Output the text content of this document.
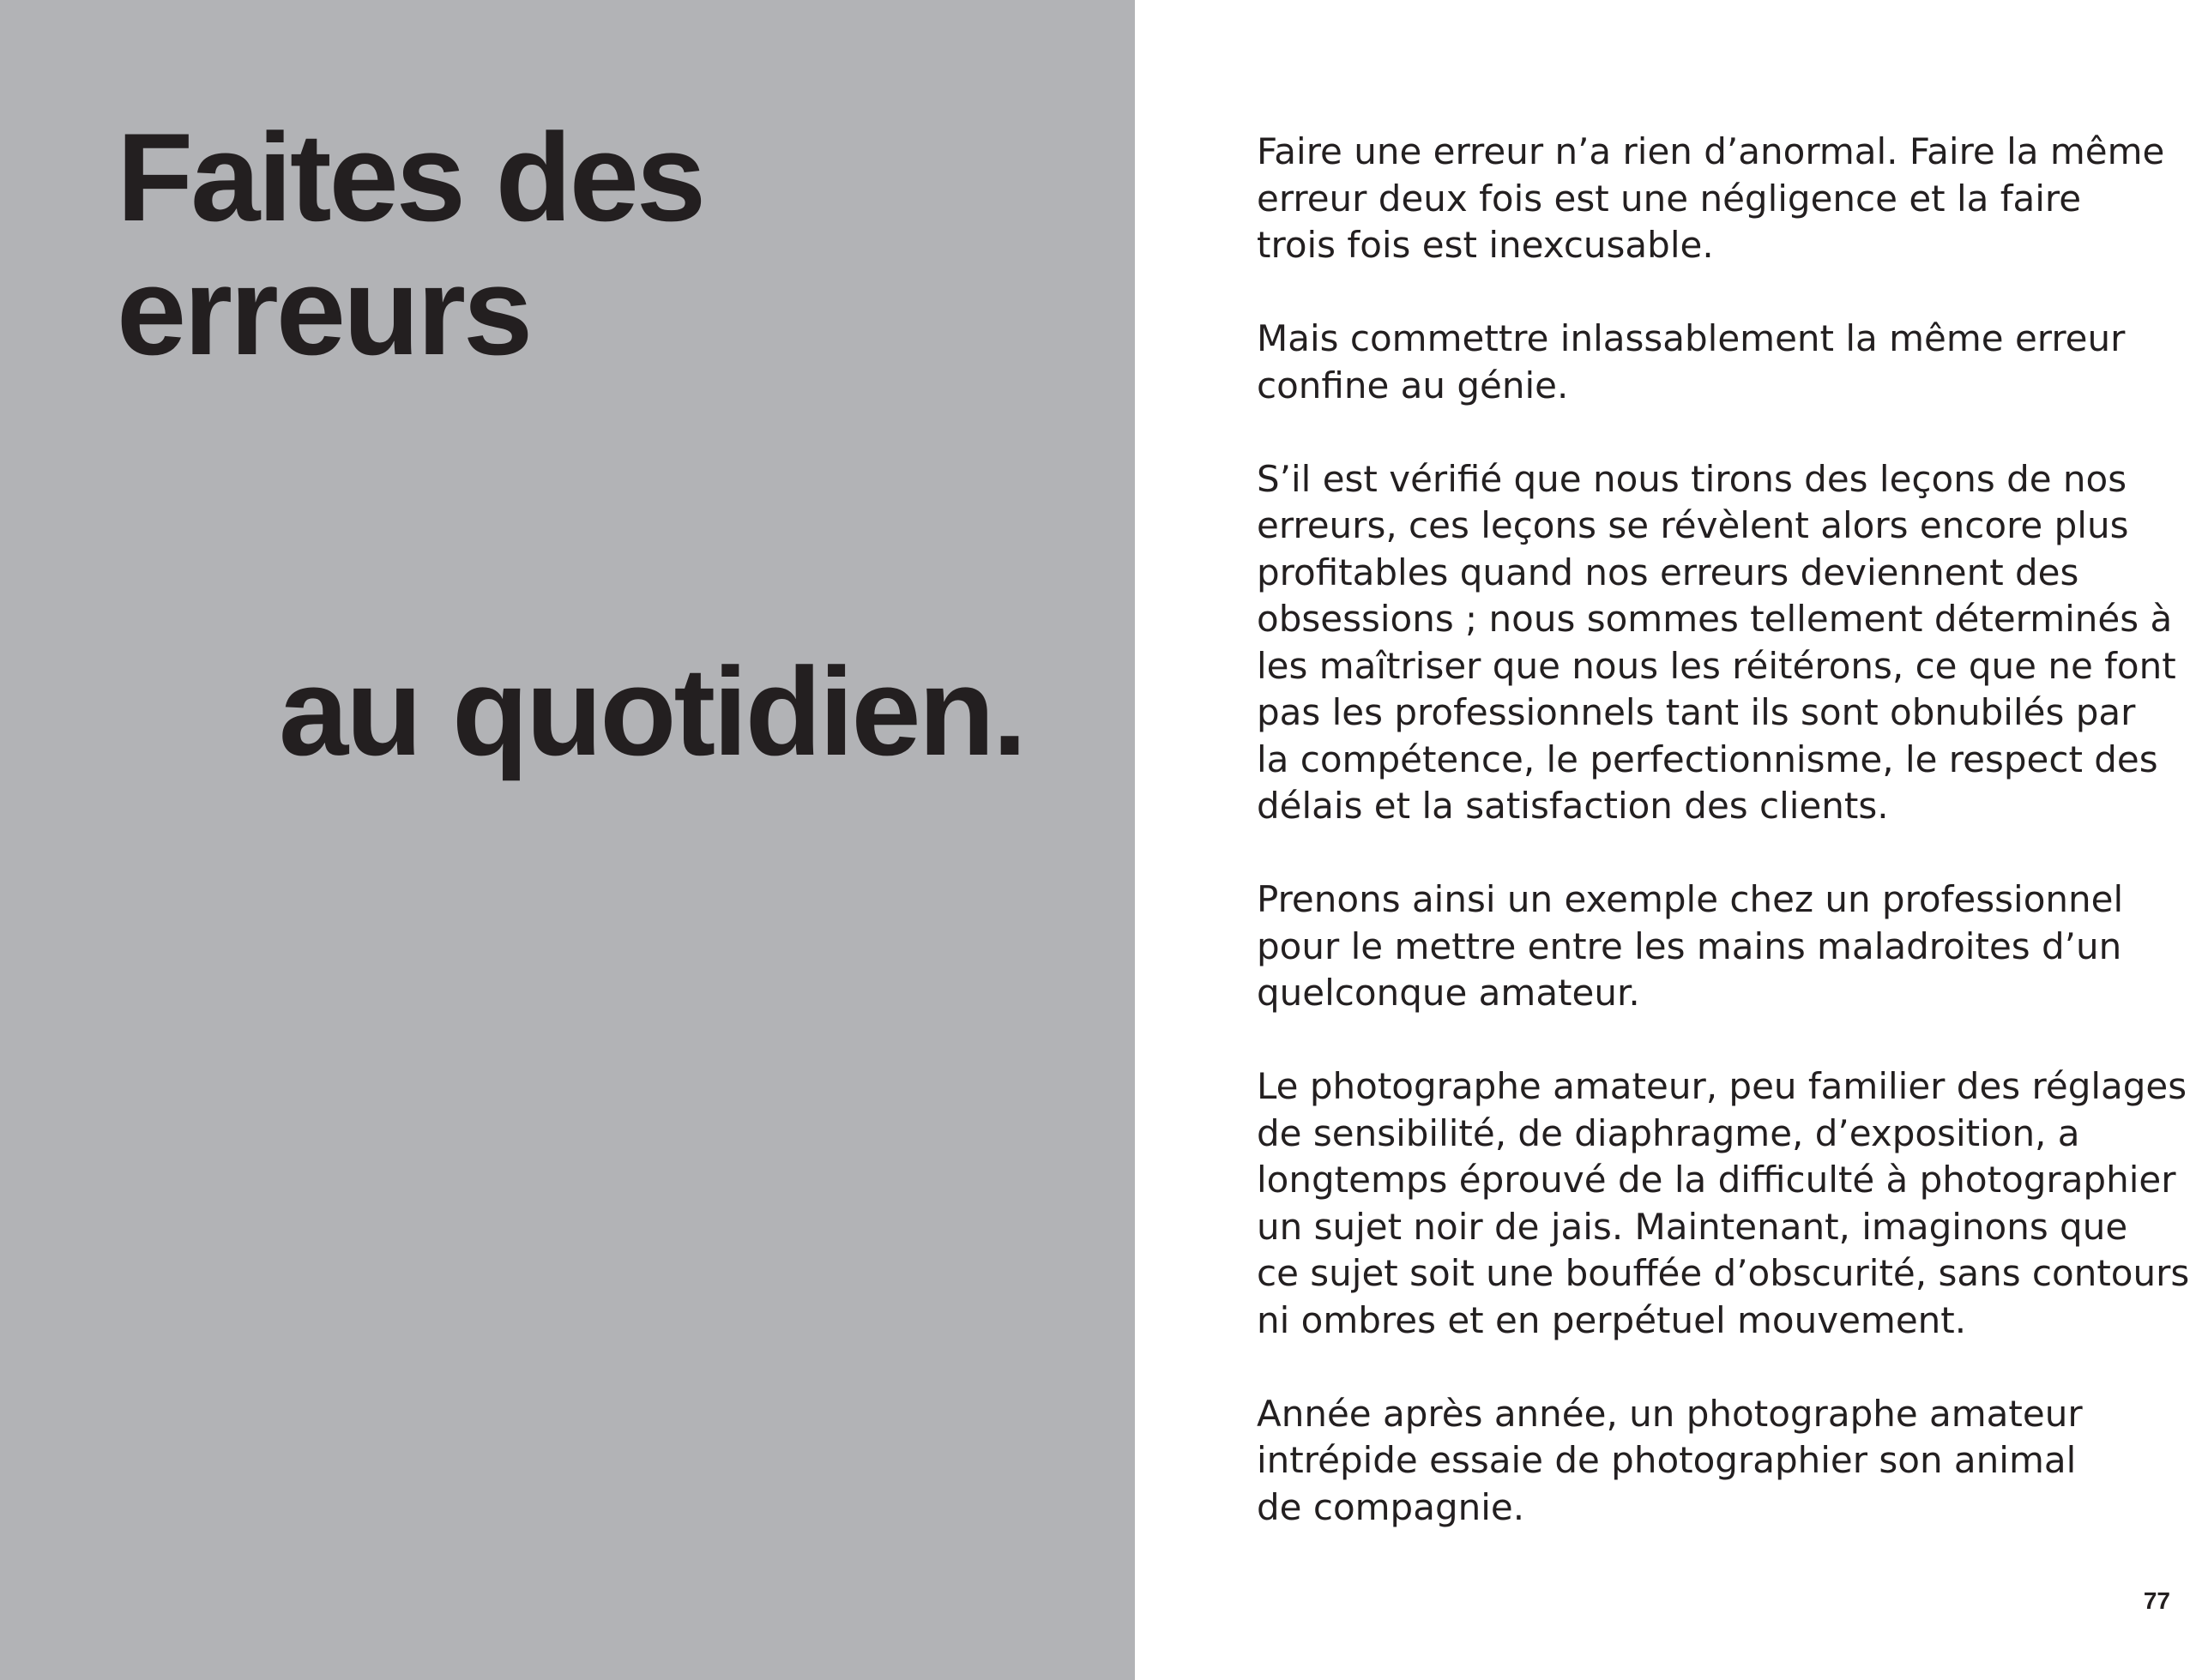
Faites des
erreurs
au quotidien.

Faire une erreur n’a rien d’anormal. Faire la même
erreur deux fois est une négligence et la faire
trois fois est inexcusable.

Mais commettre inlassablement la même erreur
confine au génie.

S’il est vérifié que nous tirons des leçons de nos
erreurs, ces leçons se révèlent alors encore plus
profitables quand nos erreurs deviennent des
obsessions ; nous sommes tellement déterminés à
les maîtriser que nous les réitérons, ce que ne font
pas les professionnels tant ils sont obnubilés par
la compétence, le perfectionnisme, le respect des
délais et la satisfaction des clients.

Prenons ainsi un exemple chez un professionnel
pour le mettre entre les mains maladroites d’un
quelconque amateur.

Le photographe amateur, peu familier des réglages
de sensibilité, de diaphragme, d’exposition, a
longtemps éprouvé de la difficulté à photographier
un sujet noir de jais. Maintenant, imaginons que
ce sujet soit une bouffée d’obscurité, sans contours
ni ombres et en perpétuel mouvement.

Année après année, un photographe amateur
intrépide essaie de photographier son animal
de compagnie.

77
